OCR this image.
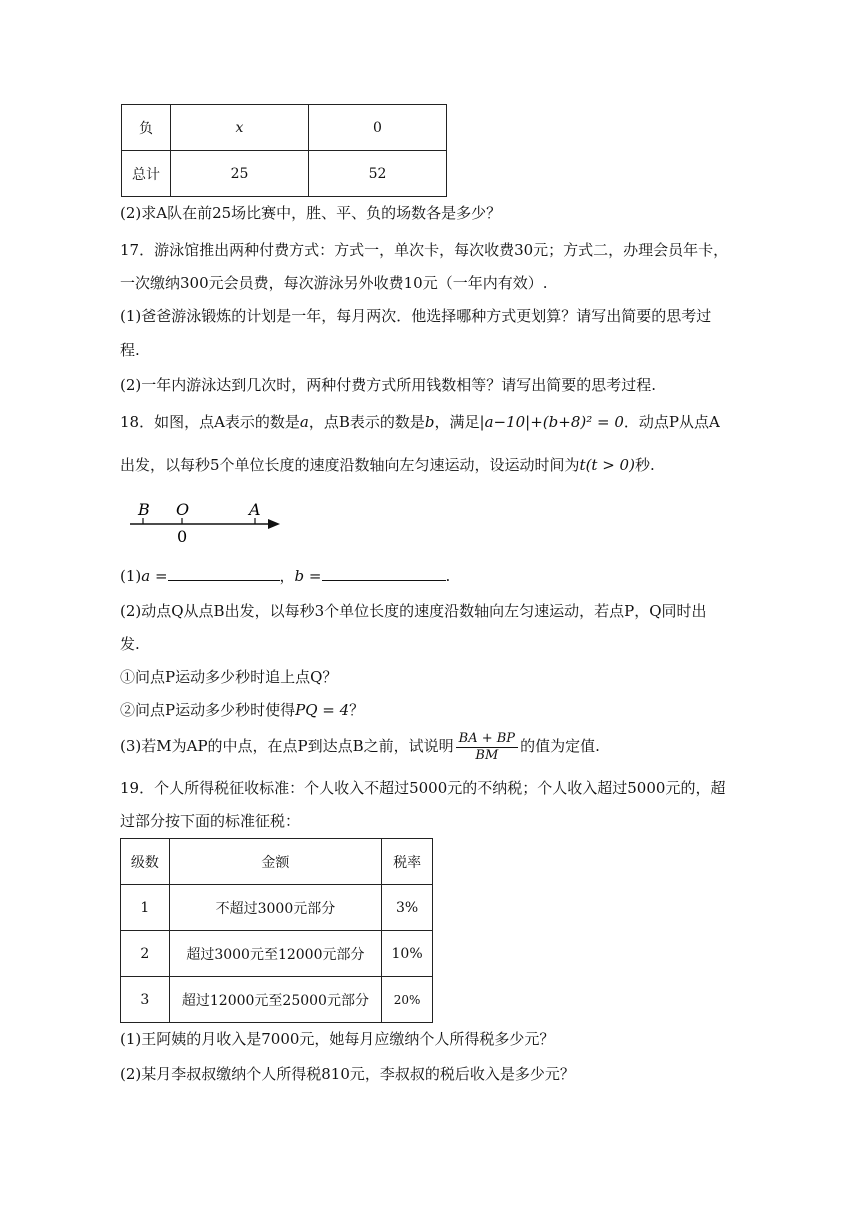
负	x	0
总计	25	52
(2)求A队在前25场比赛中，胜、平、负的场数各是多少？
17．游泳馆推出两种付费方式：方式一，单次卡，每次收费30元；方式二，办理会员年卡，
一次缴纳300元会员费，每次游泳另外收费10元（一年内有效）.
(1)爸爸游泳锻炼的计划是一年，每月两次．他选择哪种方式更划算？请写出简要的思考过
程.
(2)一年内游泳达到几次时，两种付费方式所用钱数相等？请写出简要的思考过程.
18．如图，点A表示的数是a，点B表示的数是b，满足|a−10|+(b+8)² = 0．动点P从点A
出发，以每秒5个单位长度的速度沿数轴向左匀速运动，设运动时间为t(t > 0)秒.
B O	A
0
(1)a =	，b =	.
(2)动点Q从点B出发，以每秒3个单位长度的速度沿数轴向左匀速运动，若点P，Q同时出
发.
①问点P运动多少秒时追上点Q？
②问点P运动多少秒时使得PQ = 4？
(3)若M为AP的中点，在点P到达点B之前，试说明 $\frac{BA + BP}{BM}$ 的值为定值.
19．个人所得税征收标准：个人收入不超过5000元的不纳税；个人收入超过5000元的，超
过部分按下面的标准征税：
级数	金额	税率
1	不超过3000元部分	3%
2	超过3000元至12000元部分	10%
3	超过12000元至25000元部分	20%
(1)王阿姨的月收入是7000元，她每月应缴纳个人所得税多少元？
(2)某月李叔叔缴纳个人所得税810元，李叔叔的税后收入是多少元？
